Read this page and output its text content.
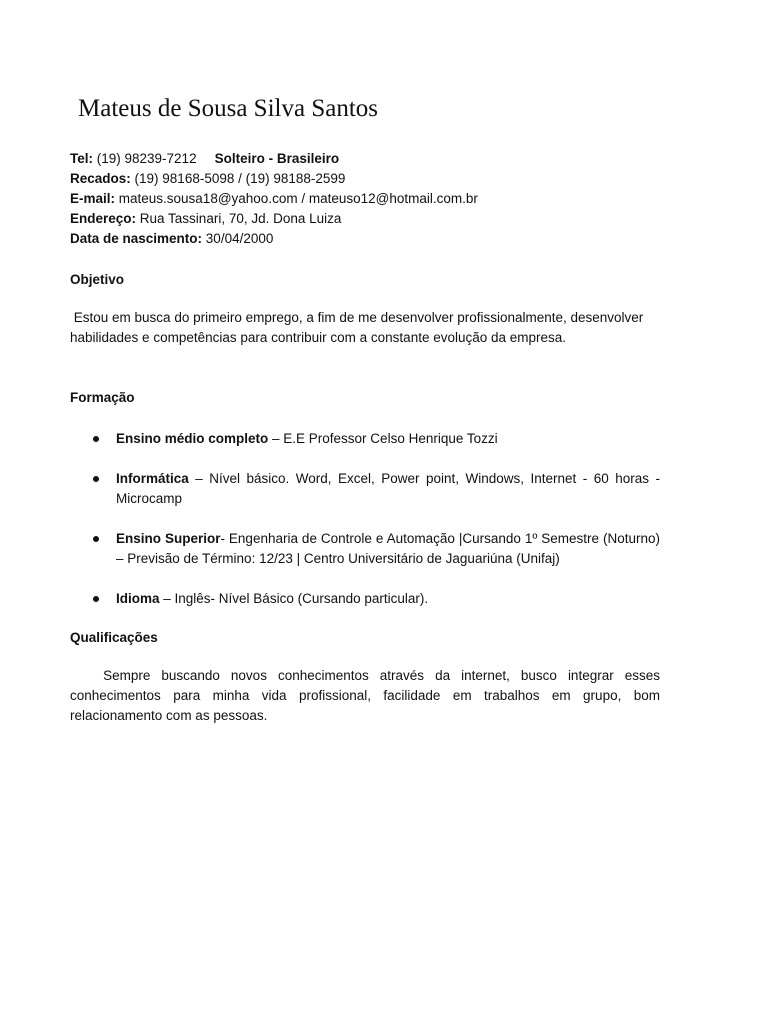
Mateus de Sousa Silva Santos
Tel: (19) 98239-7212 Solteiro - Brasileiro
Recados: (19) 98168-5098 / (19) 98188-2599
E-mail: mateus.sousa18@yahoo.com / mateuso12@hotmail.com.br
Endereço: Rua Tassinari, 70, Jd. Dona Luiza
Data de nascimento: 30/04/2000
Objetivo

Estou em busca do primeiro emprego, a fim de me desenvolver profissionalmente, desenvolver habilidades e competências para contribuir com a constante evolução da empresa.

Formação
Ensino médio completo – E.E Professor Celso Henrique Tozzi
Informática – Nível básico. Word, Excel, Power point, Windows, Internet - 60 horas - Microcamp
Ensino Superior- Engenharia de Controle e Automação |Cursando 1º Semestre (Noturno) – Previsão de Término: 12/23 | Centro Universitário de Jaguariúna (Unifaj)
Idioma – Inglês- Nível Básico (Cursando particular).
Qualificações

Sempre buscando novos conhecimentos através da internet, busco integrar esses conhecimentos para minha vida profissional, facilidade em trabalhos em grupo, bom relacionamento com as pessoas.
